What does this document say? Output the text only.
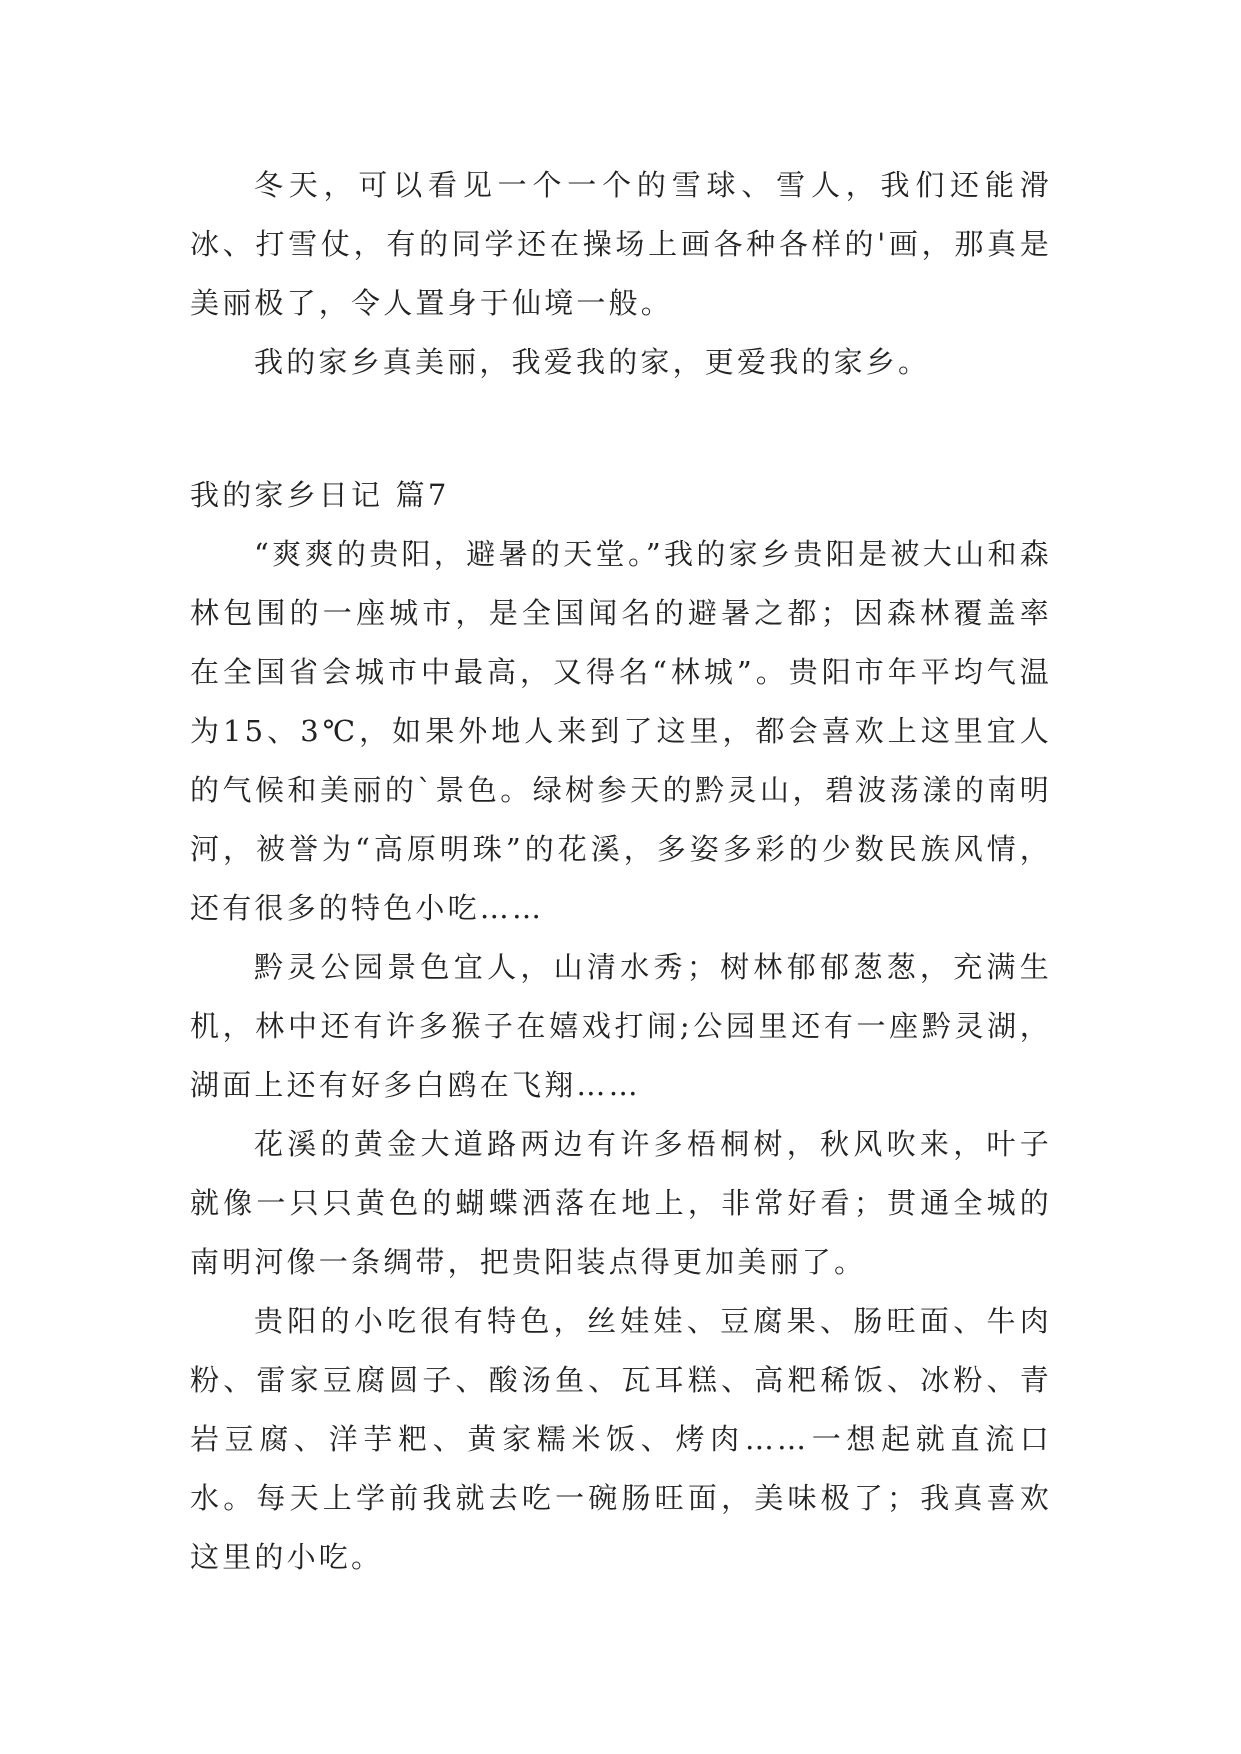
冬天，可以看见一个一个的雪球、雪人，我们还能滑冰、打雪仗，有的同学还在操场上画各种各样的'画，那真是美丽极了，令人置身于仙境一般。

我的家乡真美丽，我爱我的家，更爱我的家乡。

我的家乡日记 篇7

“爽爽的贵阳，避暑的天堂。”我的家乡贵阳是被大山和森林包围的一座城市，是全国闻名的避暑之都；因森林覆盖率在全国省会城市中最高，又得名“林城”。贵阳市年平均气温为15、3℃，如果外地人来到了这里，都会喜欢上这里宜人的气候和美丽的`景色。绿树参天的黔灵山，碧波荡漾的南明河，被誉为“高原明珠”的花溪，多姿多彩的少数民族风情，还有很多的特色小吃……

黔灵公园景色宜人，山清水秀；树林郁郁葱葱，充满生机，林中还有许多猴子在嬉戏打闹;公园里还有一座黔灵湖，湖面上还有好多白鸥在飞翔……

花溪的黄金大道路两边有许多梧桐树，秋风吹来，叶子就像一只只黄色的蝴蝶洒落在地上，非常好看；贯通全城的南明河像一条绸带，把贵阳装点得更加美丽了。

贵阳的小吃很有特色，丝娃娃、豆腐果、肠旺面、牛肉粉、雷家豆腐圆子、酸汤鱼、瓦耳糕、高粑稀饭、冰粉、青岩豆腐、洋芋粑、黄家糯米饭、烤肉……一想起就直流口水。每天上学前我就去吃一碗肠旺面，美味极了；我真喜欢这里的小吃。
